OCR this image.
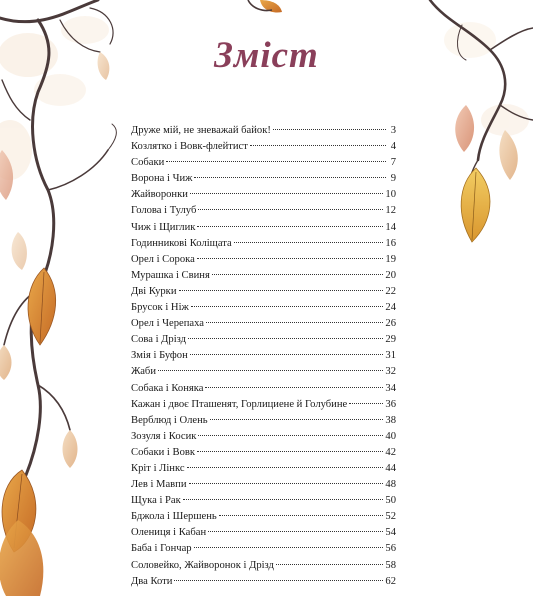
Зміст
Друже мій, не зневажай байок!	3
Козлятко і Вовк-флейтист	4
Собаки	7
Ворона і Чиж	9
Жайворонки	10
Голова і Тулуб	12
Чиж і Щиглик	14
Годинникові Коліщата	16
Орел і Сорока	19
Мурашка і Свиня	20
Дві Курки	22
Брусок і Ніж	24
Орел і Черепаха	26
Сова і Дрізд	29
Змія і Буфон	31
Жаби	32
Собака і Коняка	34
Кажан і двоє Пташенят, Горлициене й Голубине	36
Верблюд і Олень	38
Зозуля і Косик	40
Собаки і Вовк	42
Кріт і Лінкс	44
Лев і Мавпи	48
Щука і Рак	50
Бджола і Шершень	52
Олениця і Кабан	54
Баба і Гончар	56
Соловейко, Жайворонок і Дрізд	58
Два Коти	62
